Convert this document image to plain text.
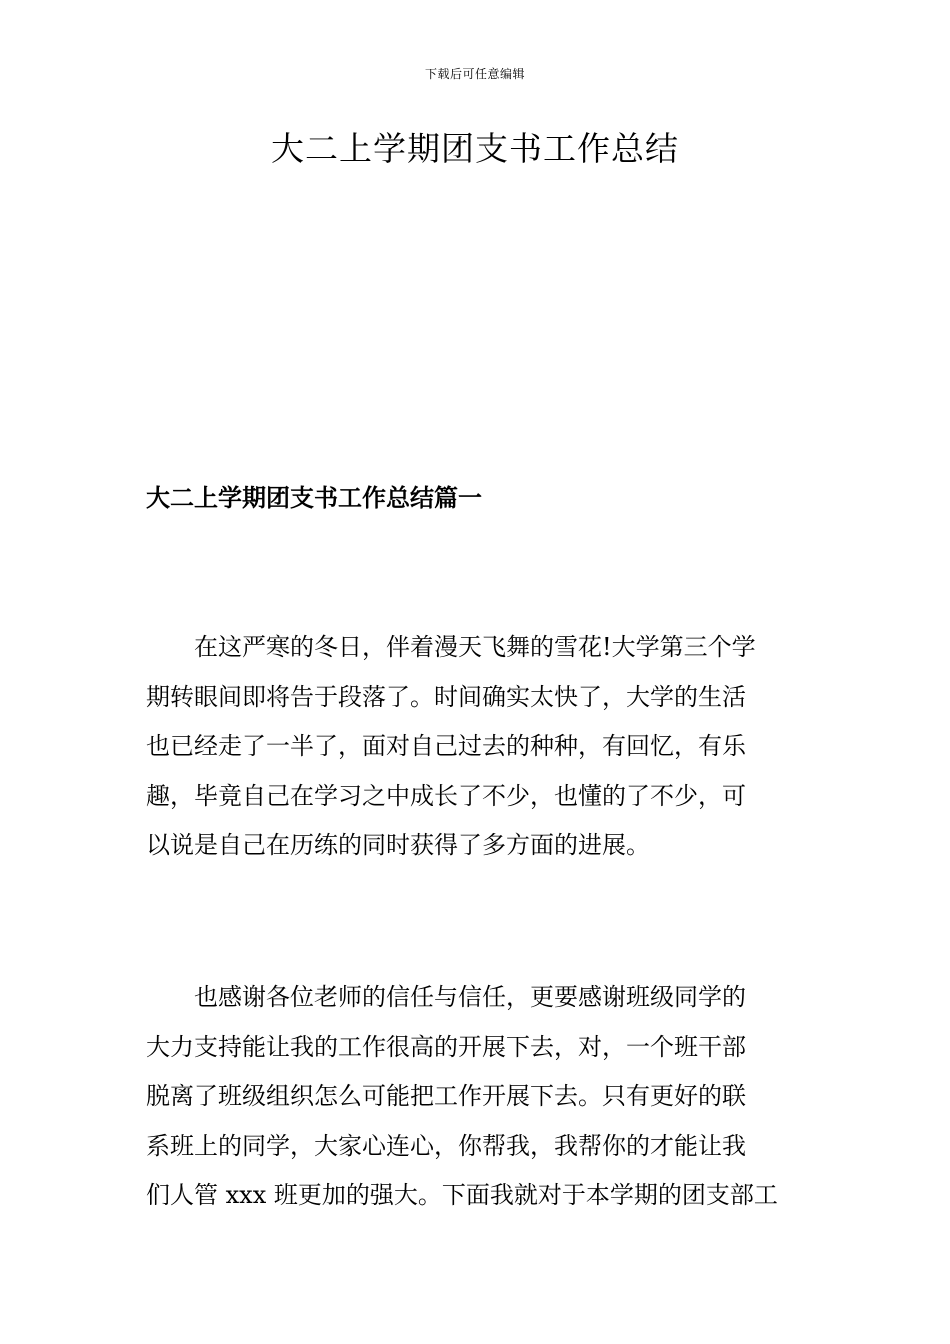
下载后可任意编辑
大二上学期团支书工作总结
大二上学期团支书工作总结篇一
　　在这严寒的冬日，伴着漫天飞舞的雪花!大学第三个学
期转眼间即将告于段落了。时间确实太快了，大学的生活
也已经走了一半了，面对自己过去的种种，有回忆，有乐
趣，毕竟自己在学习之中成长了不少，也懂的了不少，可
以说是自己在历练的同时获得了多方面的进展。
　　也感谢各位老师的信任与信任，更要感谢班级同学的
大力支持能让我的工作很高的开展下去，对，一个班干部
脱离了班级组织怎么可能把工作开展下去。只有更好的联
系班上的同学，大家心连心，你帮我，我帮你的才能让我
们人管 xxx 班更加的强大。下面我就对于本学期的团支部工
